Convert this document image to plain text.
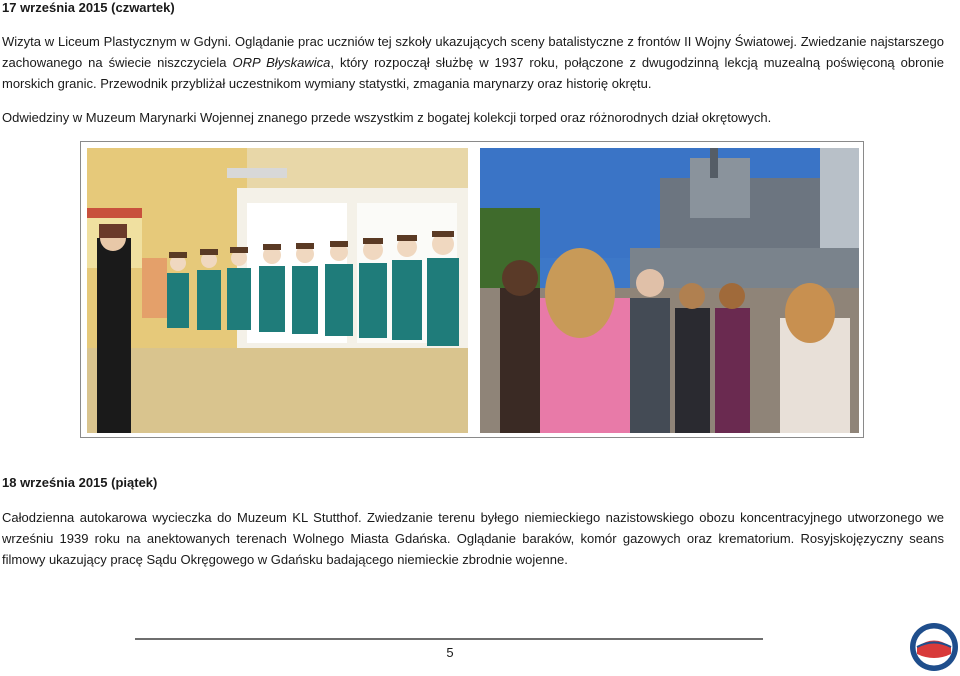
17 września 2015 (czwartek)
Wizyta w Liceum Plastycznym w Gdyni. Oglądanie prac uczniów tej szkoły ukazujących sceny batalistyczne z frontów II Wojny Światowej. Zwiedzanie najstarszego zachowanego na świecie niszczyciela ORP Błyskawica, który rozpoczął służbę w 1937 roku, połączone z dwugodzinną lekcją muzealną poświęconą obronie morskich granic. Przewodnik przybliżał uczestnikom wymiany statystki, zmagania marynarzy oraz historię okrętu.
Odwiedziny w Muzeum Marynarki Wojennej znanego przede wszystkim z bogatej kolekcji torped oraz różnorodnych dział okrętowych.
18 września 2015 (piątek)
Całodzienna autokarowa wycieczka do Muzeum KL Stutthof. Zwiedzanie terenu byłego niemieckiego nazistowskiego obozu koncentracyjnego utworzonego we wrześniu 1939 roku na anektowanych terenach Wolnego Miasta Gdańska. Oglądanie baraków, komór gazowych oraz krematorium. Rosyjskojęzyczny seans filmowy ukazujący pracę Sądu Okręgowego w Gdańsku badającego niemieckie zbrodnie wojenne.
5
